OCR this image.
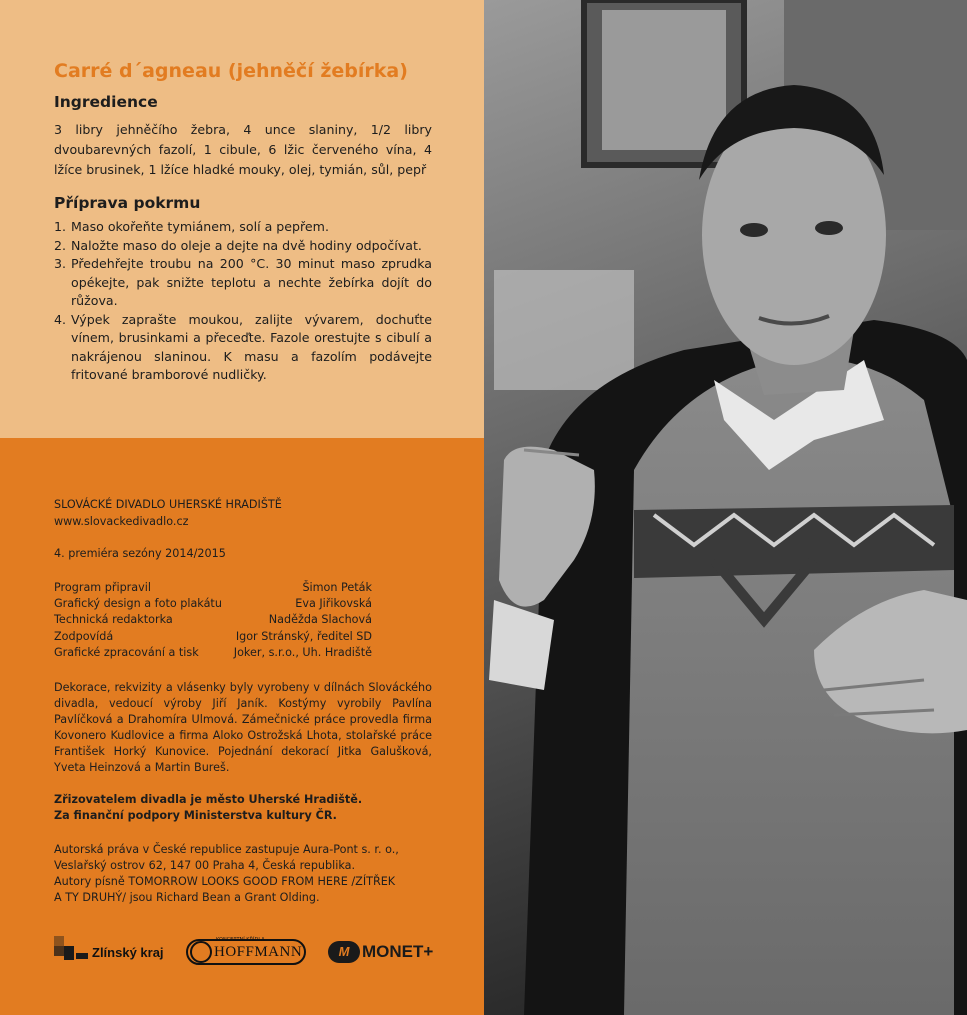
Carré d´agneau (jehněčí žebírka)
Ingredience
3 libry jehněčího žebra, 4 unce slaniny, 1/2 libry dvoubarevných fazolí, 1 cibule, 6 lžic červeného vína, 4 lžíce brusinek, 1 lžíce hladké mouky, olej, tymián, sůl, pepř
Příprava pokrmu
1. Maso okořeňte tymiánem, solí a pepřem.
2. Naložte maso do oleje a dejte na dvě hodiny odpočívat.
3. Předehřejte troubu na 200 °C. 30 minut maso zprudka opékejte, pak snižte teplotu a nechte žebírka dojít do růžova.
4. Výpek zaprašte moukou, zalijte vývarem, dochuťte vínem, brusinkami a přeceďte. Fazole orestujte s cibulí a nakrájenou slaninou. K masu a fazolím podávejte fritované bramborové nudličky.
SLOVÁCKÉ DIVADLO UHERSKÉ HRADIŠTĚ
www.slovackedivadlo.cz
4. premiéra sezóny 2014/2015
Program připravil	Šimon Peták
Grafický design a foto plakátu	Eva Jiřikovská
Technická redaktorka	Naděžda Slachová
Zodpovídá	Igor Stránský, ředitel SD
Grafické zpracování a tisk	Joker, s.r.o., Uh. Hradiště
Dekorace, rekvizity a vlásenky byly vyrobeny v dílnách Slováckého divadla, vedoucí výroby Jiří Janík. Kostýmy vyrobily Pavlína Pavlíčková a Drahomíra Ulmová. Zámečnické práce provedla firma Kovonero Kudlovice a firma Aloko Ostrožská Lhota, stolařské práce František Horký Kunovice. Pojednání dekorací Jitka Galušková, Yveta Heinzová a Martin Bureš.
Zřizovatelem divadla je město Uherské Hradiště.
Za finanční podpory Ministerstva kultury ČR.
Autorská práva v České republice zastupuje Aura-Pont s. r. o.,
Veslařský ostrov 62, 147 00 Praha 4, Česká republika.
Autory písně TOMORROW LOOKS GOOD FROM HERE /ZÍTŘEK
A TY DRUHÝ/ jsou Richard Bean a Grant Olding.
Zlínský kraj
KONCERTNÍ KŘÍDLA
HOFFMANN	M MONET+
